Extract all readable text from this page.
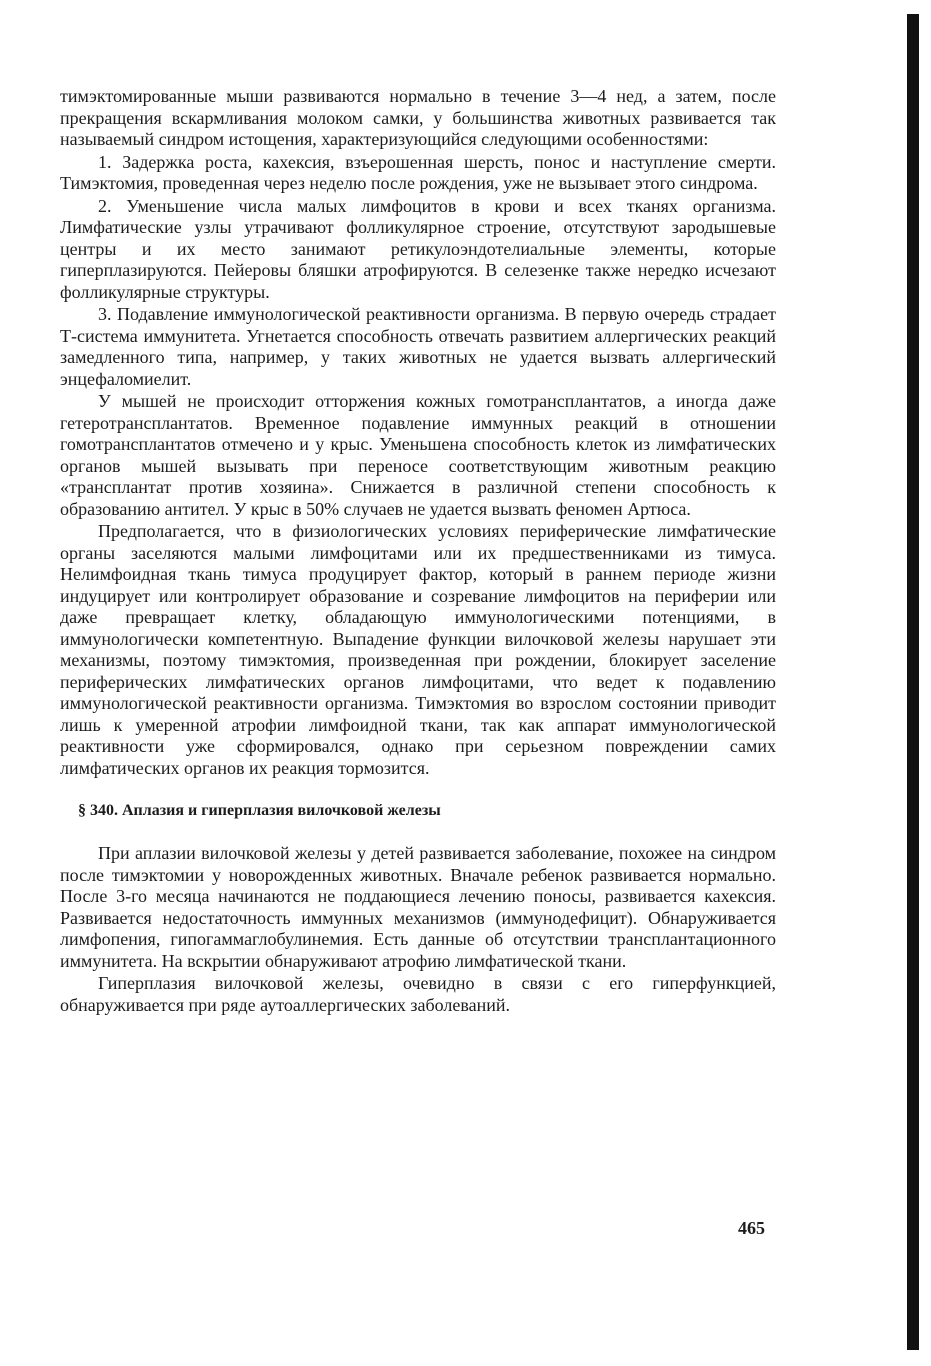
тимэктомированные мыши развиваются нормально в течение 3—4 нед, а затем, после прекращения вскармливания молоком самки, у большинства животных развивается так называемый синдром истощения, характеризующийся следующими особенностями:

1. Задержка роста, кахексия, взъерошенная шерсть, понос и наступление смерти. Тимэктомия, проведенная через неделю после рождения, уже не вызывает этого синдрома.

2. Уменьшение числа малых лимфоцитов в крови и всех тканях организма. Лимфатические узлы утрачивают фолликулярное строение, отсутствуют зародышевые центры и их место занимают ретикулоэндотелиальные элементы, которые гиперплазируются. Пейеровы бляшки атрофируются. В селезенке также нередко исчезают фолликулярные структуры.

3. Подавление иммунологической реактивности организма. В первую очередь страдает Т-система иммунитета. Угнетается способность отвечать развитием аллергических реакций замедленного типа, например, у таких животных не удается вызвать аллергический энцефаломиелит.

У мышей не происходит отторжения кожных гомотрансплантатов, а иногда даже гетеротрансплантатов. Временное подавление иммунных реакций в отношении гомотрансплантатов отмечено и у крыс. Уменьшена способность клеток из лимфатических органов мышей вызывать при переносе соответствующим животным реакцию «трансплантат против хозяина». Снижается в различной степени способность к образованию антител. У крыс в 50% случаев не удается вызвать феномен Артюса.

Предполагается, что в физиологических условиях периферические лимфатические органы заселяются малыми лимфоцитами или их предшественниками из тимуса. Нелимфоидная ткань тимуса продуцирует фактор, который в раннем периоде жизни индуцирует или контролирует образование и созревание лимфоцитов на периферии или даже превращает клетку, обладающую иммунологическими потенциями, в иммунологически компетентную. Выпадение функции вилочковой железы нарушает эти механизмы, поэтому тимэктомия, произведенная при рождении, блокирует заселение периферических лимфатических органов лимфоцитами, что ведет к подавлению иммунологической реактивности организма. Тимэктомия во взрослом состоянии приводит лишь к умеренной атрофии лимфоидной ткани, так как аппарат иммунологической реактивности уже сформировался, однако при серьезном повреждении самих лимфатических органов их реакция тормозится.

§ 340. Аплазия и гиперплазия вилочковой железы

При аплазии вилочковой железы у детей развивается заболевание, похожее на синдром после тимэктомии у новорожденных животных. Вначале ребенок развивается нормально. После 3-го месяца начинаются не поддающиеся лечению поносы, развивается кахексия. Развивается недостаточность иммунных механизмов (иммунодефицит). Обнаруживается лимфопения, гипогаммаглобулинемия. Есть данные об отсутствии трансплантационного иммунитета. На вскрытии обнаруживают атрофию лимфатической ткани.

Гиперплазия вилочковой железы, очевидно в связи с его гиперфункцией, обнаруживается при ряде аутоаллергических заболеваний.

465
